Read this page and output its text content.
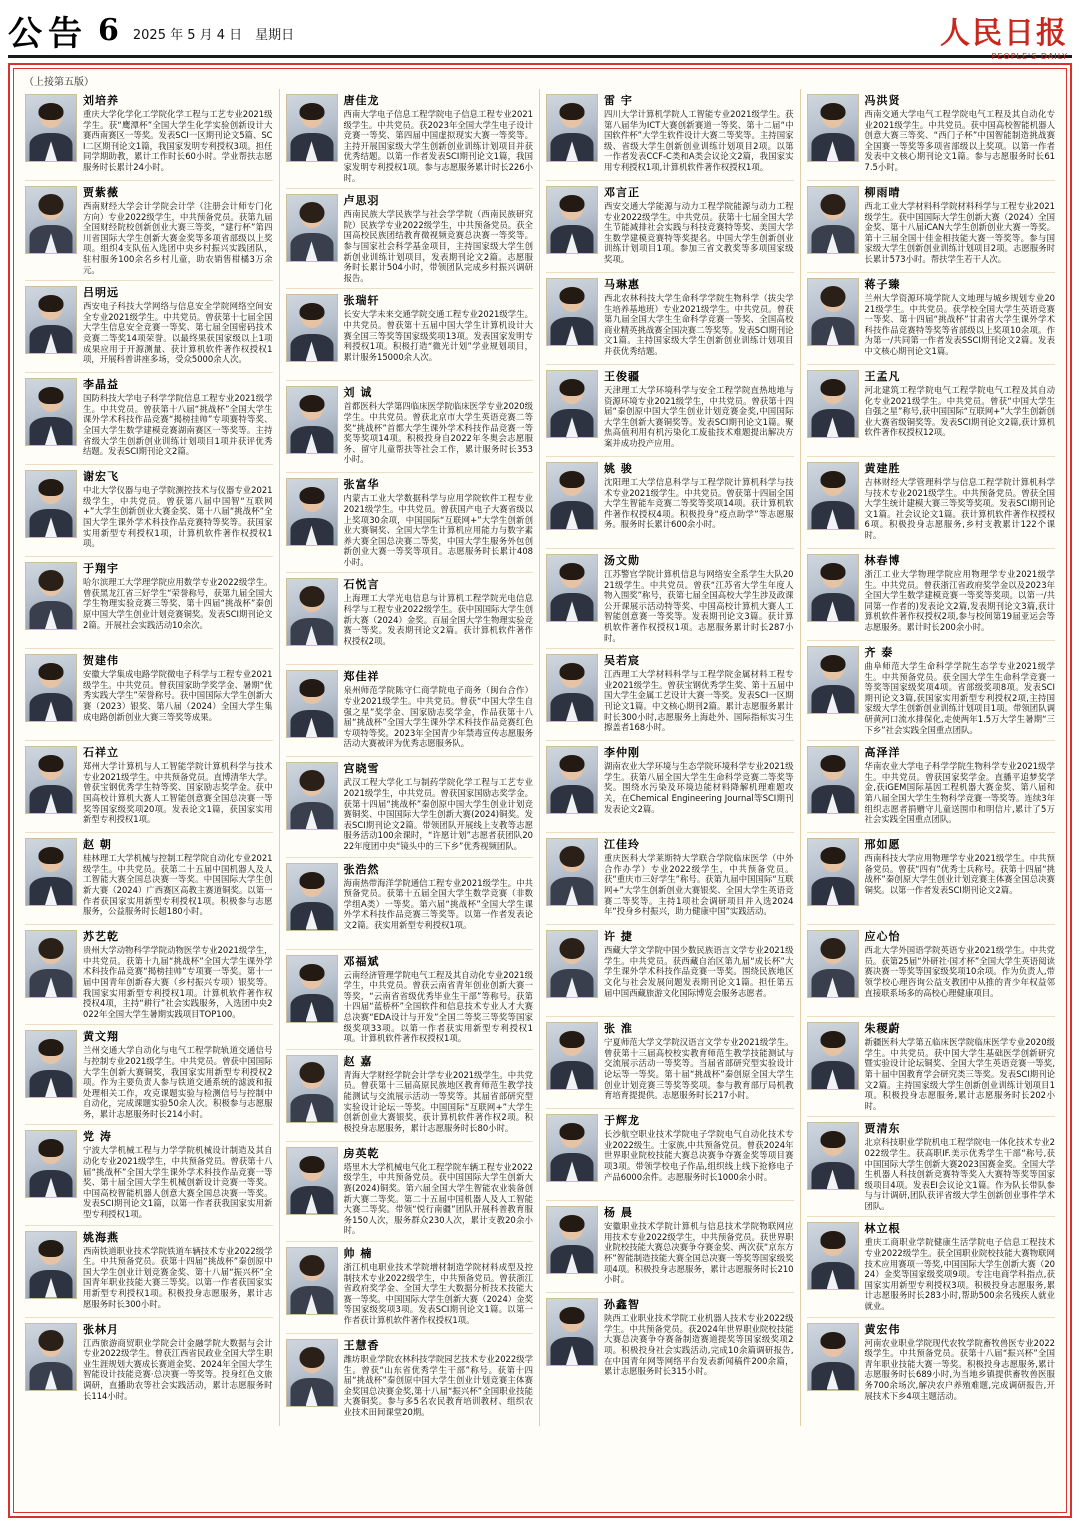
公告 6	2025 年 5 月 4 日　星期日	人民日报
PEOPLE'S DAILY
（上接第五版）
刘培养
重庆大学化学化工学院化学工程与工艺专业2021级学生。获“鹰潭杯”全国大学生化学实验创新设计大赛西南赛区一等奖。发表SCI一区期刊论文5篇、SCI二区期刊论文1篇，我国家发明专利授权3项。担任同学期助教，累计工作时长60小时。学业帮扶志愿服务时长累计24小时。
贾紫薇
西南财经大学会计学院会计学（注册会计师专门化方向）专业2022级学生，中共预备党员。获第九届全国财经院校创新创业大赛三等奖，“建行杯”第四川省国际大学生创新大赛金奖等多项省部级以上奖项。组织4支队伍入选团中央乡村振兴实践团队，驻村服务100余名乡村儿童，助农销售柑橘3万余元。
吕明远
西安电子科技大学网络与信息安全学院网络空间安全专业2021级学生。中共党员。曾获第十七届全国大学生信息安全竞赛一等奖、第七届全国密码技术竞赛二等奖14项荣誉。以最终果获国家级以上1项成果应用于开源测量、获计算机软件著作权授权1项，开展科普讲座多场，受众5000余人次。
李晶益
国防科技大学电子科学学院信息工程专业2021级学生。中共党员。曾获第十八届“挑战杯”全国大学生课外学术科技作品竞赛“揭榜挂帅”专项赛特等奖、全国大学生数学建模竞赛湖南赛区一等奖等。主持省级大学生创新创业训练计划项目1项并获评优秀结题。发表SCI期刊论文2篇。
谢宏飞
中北大学仪器与电子学院测控技术与仪器专业2021级学生，中共党员。曾获第八届中国智“互联网+”大学生创新创业大赛金奖、第十八届“挑战杯”全国大学生课外学术科技作品竞赛特等奖等。获国家实用新型专利授权1项，计算机软件著作权授权1项。
于翔宇
哈尔滨理工大学理学院应用数学专业2022级学生。曾获黑龙江省三好学生“荣誉称号，获第九届全国大学生物理实验竞赛三等奖、第十四届“挑战杯”秦创原中国大学生创业计划竞赛铜奖。发表SCI期刊论文2篇。开展社会实践活动10余次。
贺建伟
安徽大学集成电路学院微电子科学与工程专业2021级学生。中共党员。曾获国家助学奖学金、暑期“优秀实践大学生”荣誉称号。获中国国际大学生创新大赛（2023）银奖、第八届（2024）全国大学生集成电路创新创业大赛三等奖等成果。
石祥立
郑州大学计算机与人工智能学院计算机科学与技术专业2021级学生。中共预备党员。直博清华大学。曾获宝钢优秀学生特等奖、国家励志奖学金。获中国高校计算机大赛人工智能创意赛全国总决赛一等奖等国家级奖项20项。发表论文1篇，获国家实用新型专利授权1项。
赵 朝
桂林理工大学机械与控制工程学院自动化专业2021级学生。中共党员。获第二十五届中国机器人及人工智能大赛全国总决赛一等奖。中国国际大学生创新大赛（2024）广西赛区高教主赛道铜奖。以第一作者获国家实用新型专利授权1项。积极参与志愿服务，公益服务时长超180小时。
苏艺乾
贵州大学动物科学学院动物医学专业2021级学生，中共党员。获第十九届“挑战杯”全国大学生课外学术科技作品竞赛“揭榜挂帅”专项赛一等奖。第十一届中国青年创新春大赛（乡村振兴专项）银奖等。我国家实用新型专利授权1项。计算机软件著作权授权4项，主持“耕行”社会实践服务，入选团中央2022年全国大学生暑期实践项目TOP100。
黄文翔
兰州交通大学自动化与电气工程学院轨道交通信号与控制专业2021级学生。中共党员。曾获中国国际大学生创新大赛铜奖，我国家实用新型专利授权2项。作为主要负责人参与铁道交通系统的滤波和报处理相关工作，攻克课题实验与检测信号与控制中自动化，完成课题实验50余人次。积极参与志愿服务，累计志愿服务时长214小时。
党 涛
宁波大学机械工程与力学学院机械设计制造及其自动化专业2021级学生，中共预备党员。曾获第十八届“挑战杯”全国大学生课外学术科技作品竞赛一等奖、第十届全国大学生机械创新设计竞赛一等奖。中国高校智能机器人创意大赛全国总决赛一等奖。发表SCI期刊论文1篇，以第一作者获我国家实用新型专利授权1项。
姚海燕
西南铁道职业技术学院铁道车辆技术专业2022级学生。中共预备党员。获第十四届“挑战杯”秦创原中国大学生创业计划竞赛金奖、第十八届“振兴杯”全国青年职业技能大赛三等奖。以第一作者获国家实用新型专利授权1项。积极投身志愿服务，累计志愿服务时长300小时。
张林月
江西旅游商贸职业学院会计金融学院大数据与会计专业2022级学生。曾获江西省民政业全国大学生职业生涯规划大赛成长赛道金奖、2024年全国大学生智能设计技能竞赛·总决赛一等奖等。投身红色文旅调研，直播助农等社会实践活动，累计志愿服务时长114小时。
唐佳龙
西南大学电子信息工程学院电子信息工程专业2021级学生。中共党员。获2023年全国大学生电子设计竞赛一等奖、第四届中国虚拟现实大赛一等奖等。主持开展国家级大学生创新创业训练计划项目并获优秀结题。以第一作者发表SCI期刊论文1篇，我国家发明专利授权1项。参与志愿服务累计时长226小时。
卢思羽
西南民族大学民族学与社会学学院（西南民族研究院）民族学专业2022级学生，中共预备党员。获全国高校民族团结教育微视频竞赛总决赛一等奖等。参与国家社会科学基金项目，主持国家级大学生创新创业训练计划项目，发表期刊论文2篇。志愿服务时长累计504小时，带领团队完成乡村振兴调研报告。
张瑞轩
长安大学未来交通学院交通工程专业2021级学生。中共党员。曾获第十五届中国大学生计算机设计大赛全国三等奖等国家级奖项13项。发表国家发明专利授权1项。积极打造“微光计划”学业规划项目，累计服务15000余人次。
刘 诚
首都医科大学第四临床医学院临床医学专业2020级学生。中共党员。曾获北京市大学生英语竞赛二等奖“挑战杯”首都大学生课外学术科技作品竞赛一等奖等奖项14项。积极投身自2022年冬奥会志愿服务、留守儿童帮扶等社会工作，累计服务时长353小时。
张富华
内蒙古工业大学数据科学与应用学院软件工程专业2021级学生。中共党员。曾获国产电子大赛省级以上奖项30余项，中国国际“互联网+”大学生创新创业大赛铜奖、全国大学生计算机应用能力与数字素养大赛全国总决赛二等奖，中国大学生服务外包创新创业大赛一等奖等项目。志愿服务时长累计408小时。
石悦言
上海理工大学光电信息与计算机工程学院光电信息科学与工程专业2022级学生。获中国国际大学生创新大赛（2024）金奖。百届全国大学生物理实验竞赛一等奖。发表期刊论文2篇。获计算机软件著作权授权2项。
郑佳祥
泉州师范学院陈守仁商学院电子商务（闽台合作）专业2021级学生。中共党员。曾获“中国大学生自强之星”奖学金、国家励志奖学金，作品获第十八届“挑战杯”全国大学生课外学术科技作品竞赛红色专项特等奖。2023年全国青少年禁毒宣传志愿服务活动大赛被评为优秀志愿服务队。
宫晓雪
武汉工程大学化工与制药学院化学工程与工艺专业2021级学生，中共党员。曾获国家国励志奖学金。获第十四届“挑战杯”秦创原中国大学生创业计划竞赛铜奖、中国国际大学生创新大赛(2024)铜奖。发表SCI期刊论文2篇。带领团队开展线上支教等志愿服务活动100余课时，“许愿计划”志愿者获团队2022年度团中央“镜头中的三下乡”优秀视频团队。
张浩然
海南热带海洋学院通信工程专业2021级学生。中共预备党员。获第十五届全国大学生数学竞赛（非数学组A类）一等奖。第六届“挑战杯”全国大学生课外学术科技作品竞赛三等奖等。以第一作者发表论文2篇。获实用新型专利授权1项。
邓福斌
云南经济管理学院电气工程及其自动化专业2021级学生，中共党员。曾获云南省青年创业创新大赛一等奖，“云南省省级优秀毕业生干部”等称号。获第十四届“蓝桥杯”全国软件和信息技术专业人才大赛总决赛“EDA设计与开发”全国二等奖三等奖等国家级奖项33项。以第一作者获实用新型专利授权1项。计算机软件著作权授权1项。
赵 嘉
青海大学财经学院会计学专业2021级学生。中共党员。曾获第十三届高原民族地区教育师范生教学技能测试与交流展示活动一等奖等。其届省部研究型实验设计论坛一等奖。中国国际“互联网+”大学生创新创业大赛银奖，获计算机软件著作权2项。积极投身志愿服务，累计志愿服务时长80小时。
房英乾
塔里木大学机械电气化工程学院车辆工程专业2022级学生，中共预备党员。获中国国际大学生创新大赛(2024)铜奖。第六届全国大学生智能农业装备创新大赛二等奖。第二十五届中国机器人及人工智能大赛二等奖。带领“悦行南疆”团队开展科普教育服务150人次，服务群众230人次，累计支教20余小时。
帅 楠
浙江机电职业技术学院增材制造学院材料成型及控制技术专业2022级学生，中共预备党员。曾获浙江省政府奖学金、全国大学生大数据分析技术技能大赛一等奖。中国国际大学生创新大赛（2024）金奖等国家级奖项3项。发表SCI期刊论文1篇。以第一作者获计算机软件著作权授权1项。
王慧香
潍坊职业学院农林科技学院园艺技术专业2022级学生。曾获“山东省优秀学生干部”称号。获第十四届“挑战杯”秦创原中国大学生创业计划竞赛主体赛金奖国总决赛金奖,第十八届“振兴杯”全国职业技能大赛铜奖。参与多5名农民教育培训教材、组织农业技术田间课堂20期。
雷 宇
四川大学计算机学院人工智能专业2021级学生。获第八届华为ICT大赛创新赛道一等奖、第十二届“中国软件杯”大学生软件设计大赛二等奖等。主持国家级、省级大学生创新创业训练计划项目2项。以第一作者发表CCF-C类和A类会议论文2篇，我国家实用专利授权1项,计算机软件著作权授权1项。
邓言正
西安交通大学能源与动力工程学院能源与动力工程专业2022级学生。中共党员。获第十七届全国大学生节能减排社会实践与科技竞赛特等奖、美国大学生数学建模竞赛特等奖提名。中国大学生创新创业训练计划项目1项。参加三省文教奖等多项国家级奖项。
马琳惠
西北农林科技大学生命科学学院生物科学（拔尖学生培养基地班）专业2021级学生。中共党员。曾获第九届全国大学生生命科学竞赛一等奖、全国高校商业精英挑战赛全国决赛二等奖等。发表SCI期刊论文1篇。主持国家级大学生创新创业训练计划项目并获优秀结题。
王俊疆
天津理工大学环境科学与安全工程学院直热地地与资源环境专业2021级学生，中共党员。曾获第十四届“秦创原中国大学生创业计划竞赛金奖,中国国际大学生创新大赛铜奖等。发表SCI期刊论文1篇。聚焦高值利用有机污染化工废盐技术难题提出解决方案并成功投产应用。
姚 骏
沈阳理工大学信息科学与工程学院计算机科学与技术专业2021级学生。中共党员。曾获第十四届全国大学生智能车竞赛二等奖等奖项14项。获计算机软件著作权授权4项。积极投身“疫点助学”等志愿服务。服务时长累计600余小时。
汤文勋
江苏警官学院计算机信息与网络安全系学生大队2021级学生。中共党员。曾获“江苏省大学生年度人物入围奖”称号，获第七届全国高校大学生涉及政课公开课展示活动特等奖、中国高校计算机大赛人工智能创意赛一等奖等。发表期刊论文3篇。获计算机软件著作权授权1项。志愿服务累计时长287小时。
吴若宸
江西理工大学材料科学与工程学院金属材料工程专业2021级学生。曾获宝钢优秀学生奖、第十五届中国大学生金属工艺设计大赛一等奖。发表SCI一区期刊论文1篇。中文核心期刊2篇。累计志愿服务累计时长300小时,志愿服务上海赴外、国际指标实习生擦盖者168小时。
李仲刚
湖南农业大学环境与生态学院环境科学专业2021级学生。获第八届全国大学生生命科学竞赛二等奖等奖。围绕水污染及环境边能材料降解机理难题攻关，在Chemical Engineering Journal等SCI期刊发表论文2篇。
江佳玲
重庆医科大学莱斯特大学联合学院临床医学（中外合作办学）专业2022级学生，中共预备党员。获“重庆市三好学生”称号。获第九届中国国际“互联网+”大学生创新创业大赛银奖、全国大学生英语竞赛二等奖等。主持1项社会调研项目并入选2024年“投身乡村振兴，助力健康中国”实践活动。
许 捷
西藏大学文学院中国少数民族语言文学专业2021级学生。中共党员。获西藏自治区第九届“成长杯”大学生课外学术科技作品竞赛一等奖。围绕民族地区文化与社会发展问题发表期刊论文1篇。担任第五届中国西藏旅游文化国际博览会服务志愿者。
张 淮
宁夏师范大学文学院汉语言文学专业2021级学生。曾获第十三届高校校实教育师范生教学技能测试与交流展示活动一等奖等。当届省部研究型实验设计论坛等一等奖。第十届“挑战杯”秦创原全国大学生创业计划竞赛三等奖等奖项。参与教育部厅局机教育培育提提供。志愿服务时长217小时。
于辉龙
长沙航空职业技术学院电子学院电气自动化技术专业2022级生。士家族,中共预备党员。曾获2024年世界职业院校技能大赛总决赛争夺赛金奖等项目赛项3项。带领学校电子作品,组织线上线下抢修电子产品6000余件。志愿服务时长1000余小时。
杨 晨
安徽职业技术学院计算机与信息技术学院物联网应用技术专业2022级学生，中共预备党员。获世界职业院校技能大赛总决赛争夺赛金奖、两次获“京东方杯”智能制造技能大赛全国总决赛一等奖等国家级奖项4项。积极投身志愿服务，累计志愿服务时长210小时。
孙鑫智
陕西工业职业技术学院工业机器人技术专业2022级学生。中共预备党员。获2024年世界职业院校技能大赛总决赛争夺赛备制造赛道提奖等国家级奖项2项。积极投身社会实践活动,完成10余篇调研报告,在中国青年网等网络平台发表新闻稿件200余篇，累计志愿服务时长315小时。
冯洪贤
西南交通大学电气工程学院电气工程及其自动化专业2021级学生。中共党员。获中国高校智能机器人创意大赛三等奖、“西门子杯”中国智能制造挑战赛全国赛一等奖等多项省部级以上奖项。以第一作者发表中文核心期刊论文1篇。参与志愿服务时长617.5小时。
柳雨晴
西北工业大学材料科学院材料科学与工程专业2021级学生。获中国国际大学生创新大赛（2024）全国金奖、第十八届iCAN大学生创新创业大赛一等奖。第十三届全国十佳金相技能大赛一等奖等。参与国家级大学生创新创业训练计划项目2项。志愿服务时长累计573小时。帮扶学生若干人次。
蒋子臻
兰州大学资源环境学院人文地理与城乡规划专业2021级学生。中共党员。获学校全国大学生英语竞赛一等奖、第十四届“挑战杯”甘肃省大学生课外学术科技作品竞赛特等奖等省部级以上奖项10余项。作为第一/共同第一作者发表SSCI期刊论文2篇。发表中文核心期刊论文1篇。
王孟凡
河北建筑工程学院电气工程学院电气工程及其自动化专业2021级学生。中共党员。曾获“中国大学生自强之星”称号,获中国国际“互联网+”大学生创新创业大赛省级铜奖等。发表SCI期刊论文2篇,获计算机软件著作权授权12项。
黄建胜
吉林财经大学管理科学与信息工程学院计算机科学与技术专业2021级学生。中共预备党员。曾获全国大学生统计建模大赛三等奖等奖项。发表SCI期刊论文1篇。社会议论文1篇。获计算机软件著作权授权6项。积极投身志愿服务,乡村支教累计122个课时。
林春博
浙江工业大学物理学院应用物理学专业2021级学生。中共党员。曾获浙江省政府奖学金以及2023年全国大学生数学建模竞赛一等奖等奖项。以第一/共同第一作者的)发表论文2篇,发表期刊论文3篇,获计算机软件著作权授权2项,参与校间第19届亚运会等志愿服务。累计时长200余小时。
齐 泰
曲阜师范大学生命科学学院生态学专业2021级学生。中共预备党员。获全国大学生生命科学竞赛一等奖等国家级奖项4项。省部级奖项8项。发表SCI期刊论文3篇,获国家实用新型专利授权2项,主持国家级大学生创新创业训练计划项目1项。带领团队调研黄河口流水排保化,走使两年1.5万大学生暑期“三下乡”社会实践全国重点团队。
高泽洋
华南农业大学电子科学学院生物科学专业2021级学生。中共党员。曾获国家奖学金。直播平追梦奖学金,获iGEM国际基因工程机器大赛金奖、第八届和第八届全国大学生生物科学竞赛一等奖等。连续3年组织志愿者捐赠守儿童送围巾和明信片,累计了5万社会实践全国重点团队。
邢如愿
西南科技大学应用物理学专业2021级学生。中共预备党员。曾获“四有”优秀士兵称号。获第十四届“挑战杯”秦创原大学生创业计划竞赛主体赛全国总决赛铜奖。以第一作者发表SCI期刊论文2篇。
应心怡
西北大学外国语学院英语专业2021级学生。中共党员。获第25届“外研社·国才杯”全国大学生英语阅读赛决赛一等奖等国家级奖项10余项。作为负责人,带领学校心理咨询公益支教团中从推的青少年权益邻直接联系场多的高校心理健康项目。
朱稷蔚
新疆医科大学第五临床医学院临床医学专业2020级学生。中共党员。获中国大学生基础医学创新研究暨实验设计论坛铜奖、全国大学生英语竞赛一等奖,第十届中国教育学会研究类三等奖。发表SCI期刊论文2篇。主持国家级大学生创新创业训练计划项目1项。积极投身志愿服务,累计志愿服务时长202小时。
贾清东
北京科技职业学院机电工程学院电一体化技术专业2022级学生。获高职IF.美示优秀学生干部“称号,获中国国际大学生创新大赛2023国赛金奖。全国大学生机器人科技创新竞赛特等奖入大赛特等奖等国家级项目4项。发表EI会议论文1篇。作为队长带队参与与计调研,团队获评省级大学生创新创业事件学术团队。
林立根
重庆工商职业学院健康生活学院电子信息工程技术专业2022级学生。获全国职业院校技能大赛物联网技术应用赛项一等奖,中国国际大学生创新大赛（2024）金奖等国家级奖项9项。专注电商学科指点,获国家实用新型专利授权3项。积极投身志愿服务,累计志愿服务时长283小时,帮助500余名残疾人就业就业。
黄宏伟
河南农业职业学院现代农牧学院畜牧兽医专业2022级学生。中共预备党员。获第十八届“振兴杯”全国青年职业技能大赛一等奖。积极投身志愿服务,累计志愿服务时长689小时,为当地乡镇提供畜牧兽医服务700余场次,解决农户养殖难题,完成调研报告,开展技术下乡4项主题活动。
